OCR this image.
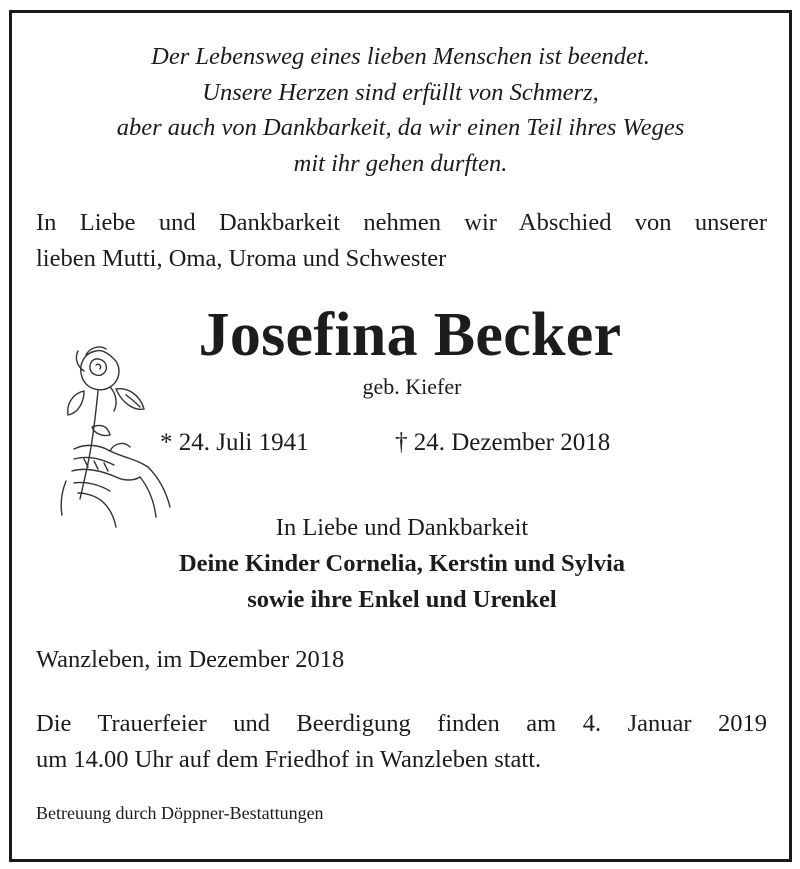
Der Lebensweg eines lieben Menschen ist beendet.
Unsere Herzen sind erfüllt von Schmerz,
aber auch von Dankbarkeit, da wir einen Teil ihres Weges
mit ihr gehen durften.
In Liebe und Dankbarkeit nehmen wir Abschied von unserer
lieben Mutti, Oma, Uroma und Schwester
Josefina Becker
geb. Kiefer
* 24. Juli 1941	† 24. Dezember 2018
In Liebe und Dankbarkeit
Deine Kinder Cornelia, Kerstin und Sylvia
sowie ihre Enkel und Urenkel
Wanzleben, im Dezember 2018
Die Trauerfeier und Beerdigung finden am 4. Januar 2019
um 14.00 Uhr auf dem Friedhof in Wanzleben statt.
Betreuung durch Döppner-Bestattungen
